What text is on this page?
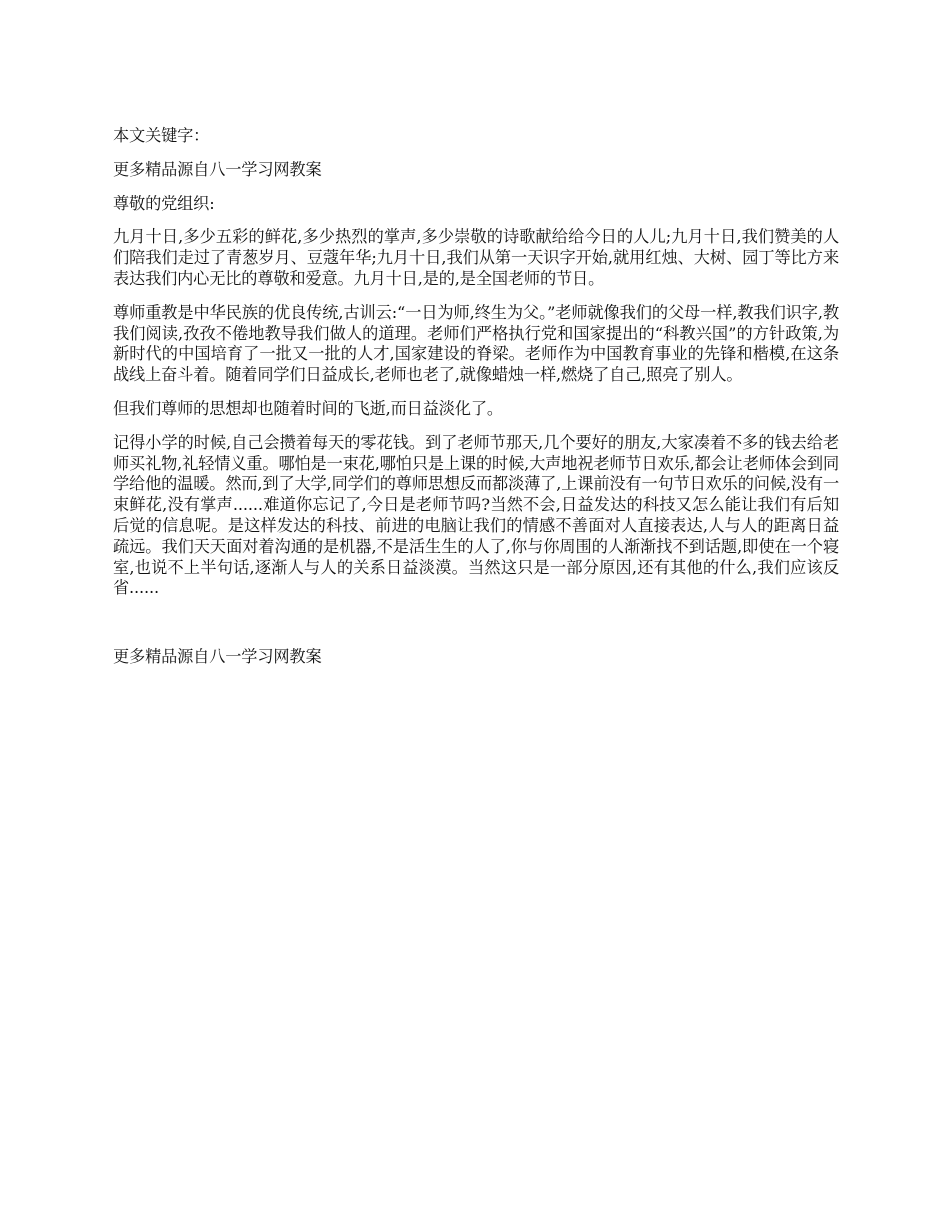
本文关键字：

更多精品源自八一学习网教案

尊敬的党组织:

九月十日,多少五彩的鲜花,多少热烈的掌声,多少崇敬的诗歌献给给今日的人儿;九月十日,我们赞美的人们陪我们走过了青葱岁月、豆蔻年华;九月十日,我们从第一天识字开始,就用红烛、大树、园丁等比方来表达我们内心无比的尊敬和爱意。九月十日,是的,是全国老师的节日。

尊师重教是中华民族的优良传统,古训云:“一日为师,终生为父。”老师就像我们的父母一样,教我们识字,教我们阅读,孜孜不倦地教导我们做人的道理。老师们严格执行党和国家提出的“科教兴国”的方针政策,为新时代的中国培育了一批又一批的人才,国家建设的脊梁。老师作为中国教育事业的先锋和楷模,在这条战线上奋斗着。随着同学们日益成长,老师也老了,就像蜡烛一样,燃烧了自己,照亮了别人。

但我们尊师的思想却也随着时间的飞逝,而日益淡化了。

记得小学的时候,自己会攒着每天的零花钱。到了老师节那天,几个要好的朋友,大家凑着不多的钱去给老师买礼物,礼轻情义重。哪怕是一束花,哪怕只是上课的时候,大声地祝老师节日欢乐,都会让老师体会到同学给他的温暖。然而,到了大学,同学们的尊师思想反而都淡薄了,上课前没有一句节日欢乐的问候,没有一束鲜花,没有掌声......难道你忘记了,今日是老师节吗?当然不会,日益发达的科技又怎么能让我们有后知后觉的信息呢。是这样发达的科技、前进的电脑让我们的情感不善面对人直接表达,人与人的距离日益疏远。我们天天面对着沟通的是机器,不是活生生的人了,你与你周围的人渐渐找不到话题,即使在一个寝室,也说不上半句话,逐渐人与人的关系日益淡漠。当然这只是一部分原因,还有其他的什么,我们应该反省......

更多精品源自八一学习网教案
